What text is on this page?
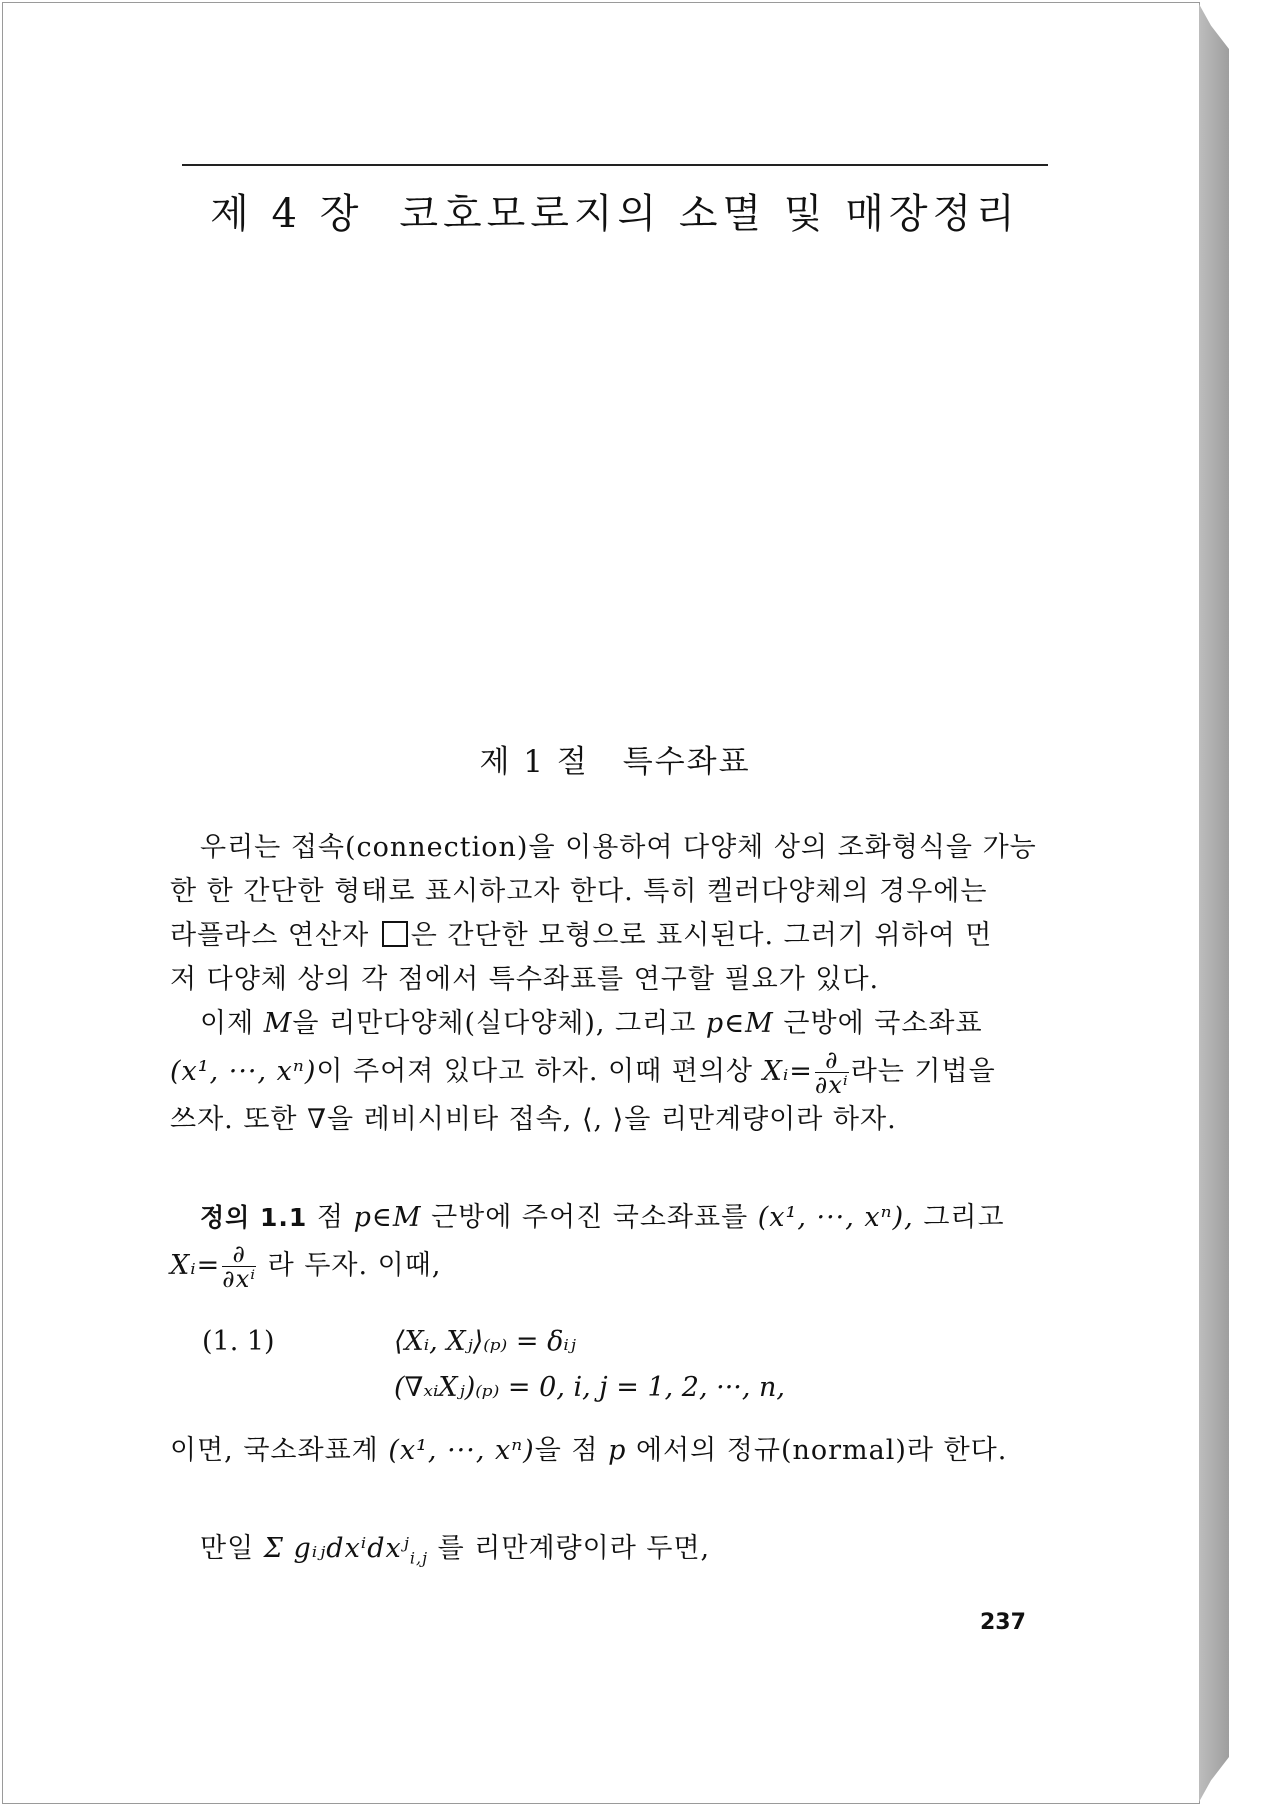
제 4 장 코호모로지의 소멸 및 매장정리
제 1 절 특수좌표
우리는 접속(connection)을 이용하여 다양체 상의 조화형식을 가능
한 한 간단한 형태로 표시하고자 한다. 특히 켈러다양체의 경우에는
라플라스 연산자 은 간단한 모형으로 표시된다. 그러기 위하여 먼
저 다양체 상의 각 점에서 특수좌표를 연구할 필요가 있다.
이제 M을 리만다양체(실다양체), 그리고 p∈M 근방에 국소좌표
(x¹, ···, xⁿ)이 주어져 있다고 하자. 이때 편의상 Xᵢ= $\frac{\partial}{\text{∂xⁱ}}$ 라는 기법을
쓰자. 또한 ∇을 레비시비타 접속, ⟨, ⟩을 리만계량이라 하자.
정의 1.1 점 p∈M 근방에 주어진 국소좌표를 (x¹, ···, xⁿ), 그리고
Xᵢ= $\frac{\partial}{\text{∂xⁱ}}$ 라 두자. 이때,
(1. 1)	⟨Xᵢ, Xⱼ⟩₍ₚ₎ = δᵢⱼ
(∇ₓᵢXⱼ)₍ₚ₎ = 0, i, j = 1, 2, ···, n,
이면, 국소좌표계 (x¹, ···, xⁿ)을 점 p 에서의 정규(normal)라 한다.
만일 Σ gᵢⱼdxⁱdxʲ$_{i,j}$ 를 리만계량이라 두면,
237
